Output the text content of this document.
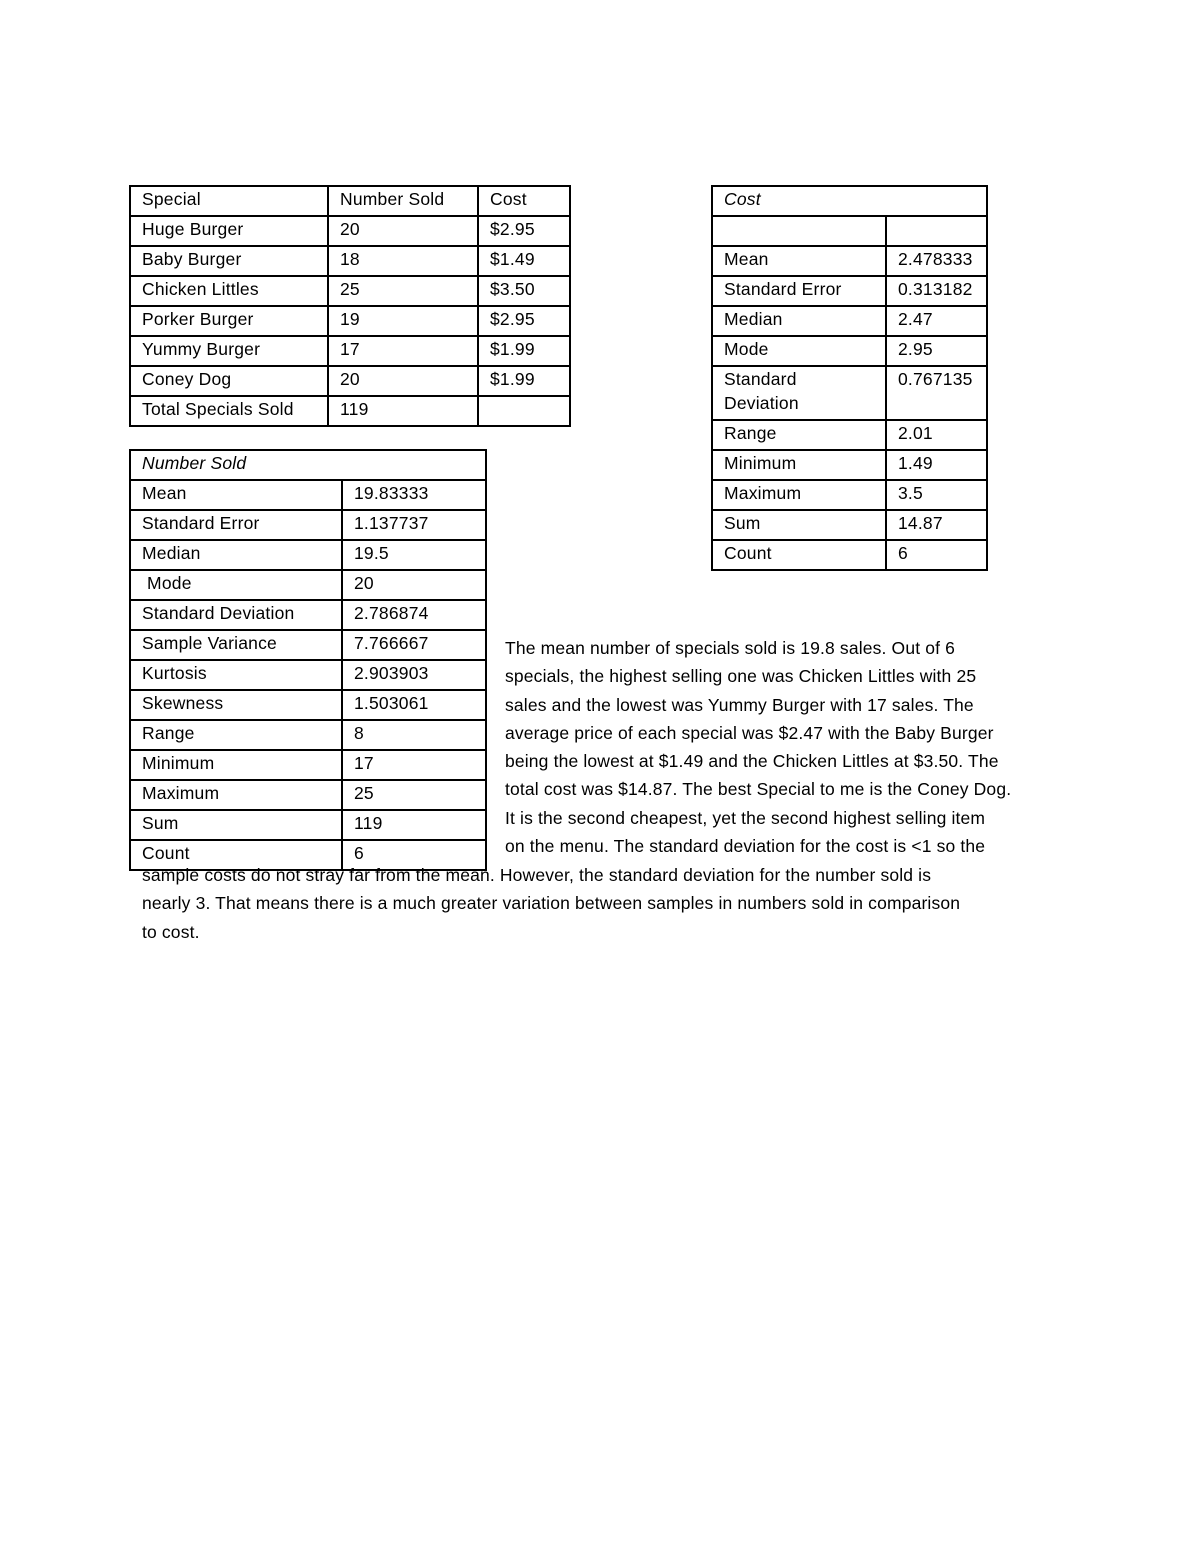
Special	Number Sold	Cost
Huge Burger	20	$2.95
Baby Burger	18	$1.49
Chicken Littles	25	$3.50
Porker Burger	19	$2.95
Yummy Burger	17	$1.99
Coney Dog	20	$1.99
Total Specials Sold	119	
Number Sold	
Mean	19.83333
Standard Error	1.137737
Median	19.5
Mode	20
Standard Deviation	2.786874
Sample Variance	7.766667
Kurtosis	2.903903
Skewness	1.503061
Range	8
Minimum	17
Maximum	25
Sum	119
Count	6
Cost	

Mean	2.478333
Standard Error	0.313182
Median	2.47
Mode	2.95
Standard Deviation	0.767135
Range	2.01
Minimum	1.49
Maximum	3.5
Sum	14.87
Count	6
The mean number of specials sold is 19.8 sales. Out of 6
specials, the highest selling one was Chicken Littles with 25
sales and the lowest was Yummy Burger with 17 sales. The
average price of each special was $2.47 with the Baby Burger
being the lowest at $1.49 and the Chicken Littles at $3.50. The
total cost was $14.87. The best Special to me is the Coney Dog.
It is the second cheapest, yet the second highest selling item
on the menu. The standard deviation for the cost is <1 so the
sample costs do not stray far from the mean. However, the standard deviation for the number sold is
nearly 3. That means there is a much greater variation between samples in numbers sold in comparison
to cost.
